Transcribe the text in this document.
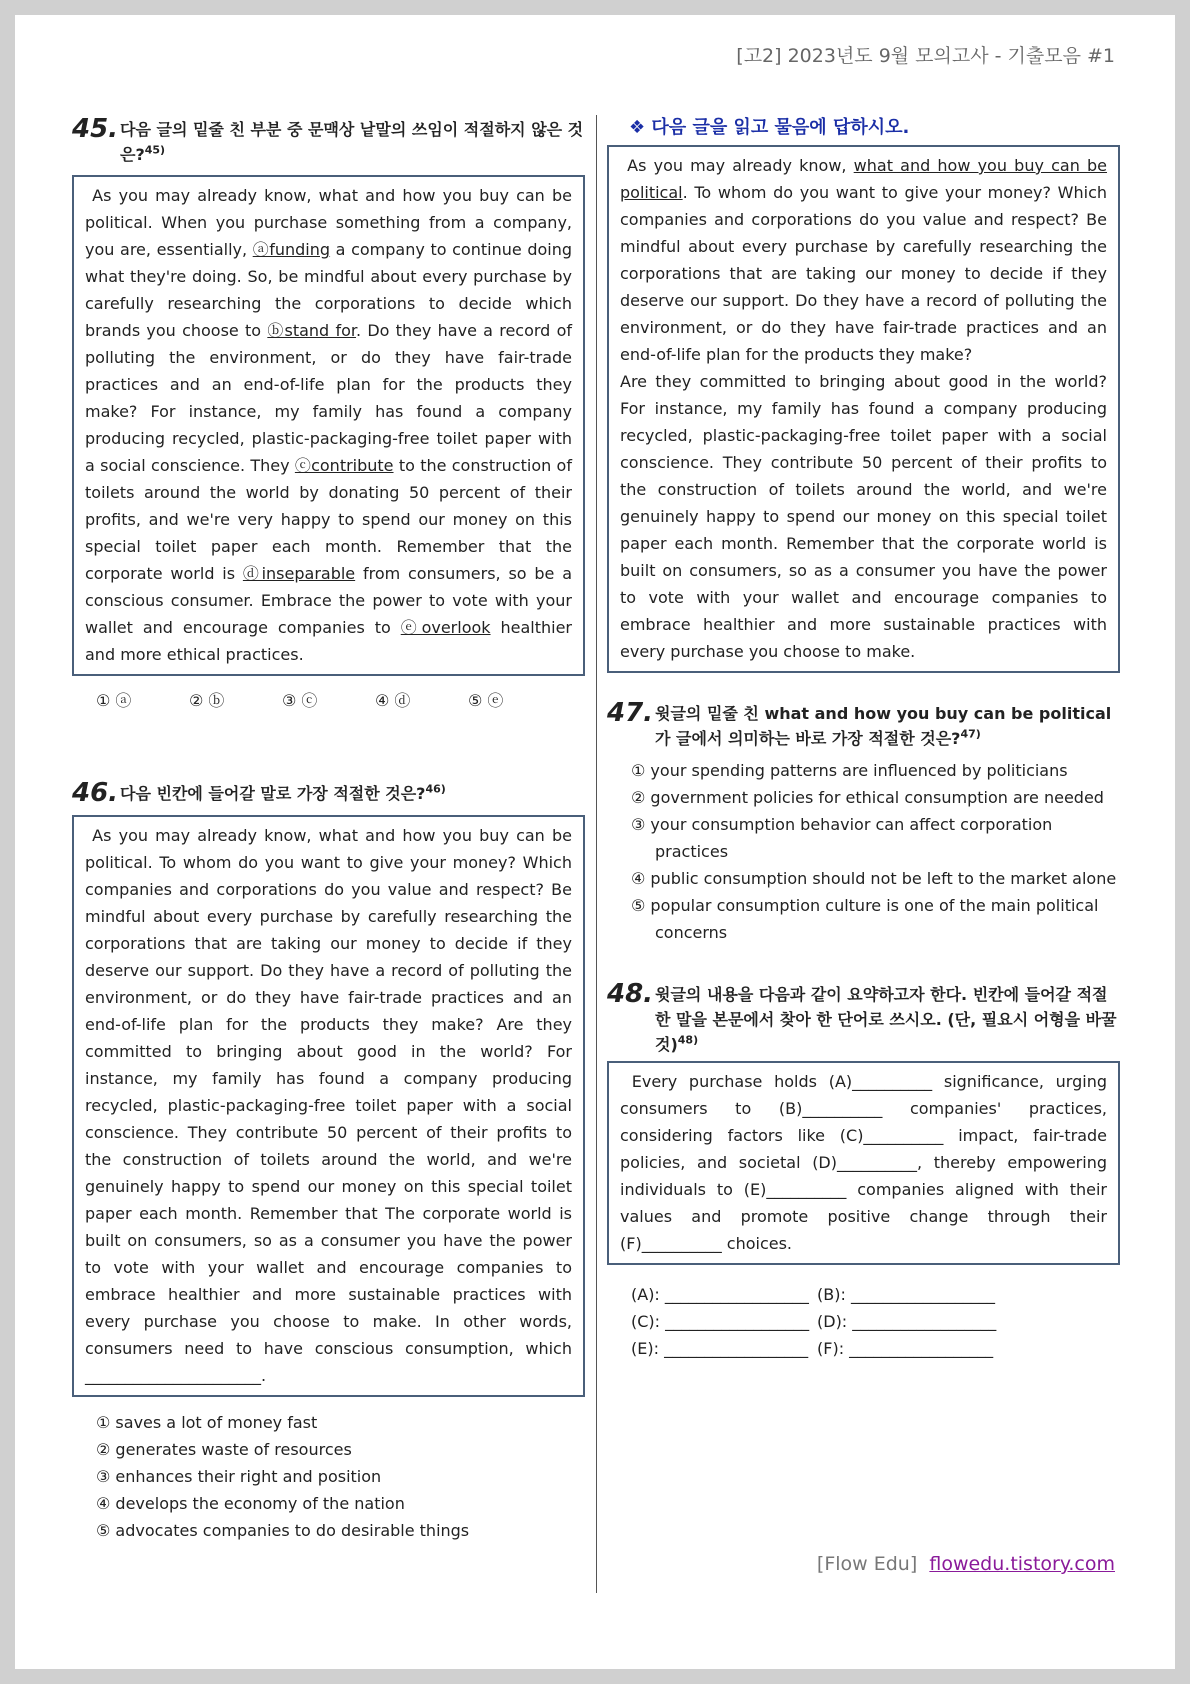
[고2] 2023년도 9월 모의고사 - 기출모음 #1
45. 다음 글의 밑줄 친 부분 중 문맥상 낱말의 쓰임이 적절하지 않은 것은?$^{45)}$

As you may already know, what and how you buy can be political. When you purchase something from a company, you are, essentially, ⓐfunding a company to continue doing what they're doing. So, be mindful about every purchase by carefully researching the corporations to decide which brands you choose to ⓑstand for. Do they have a record of polluting the environment, or do they have fair-trade practices and an end-of-life plan for the products they make? For instance, my family has found a company producing recycled, plastic-packaging-free toilet paper with a social conscience. They ⓒcontribute to the construction of toilets around the world by donating 50 percent of their profits, and we're very happy to spend our money on this special toilet paper each month. Remember that the corporate world is ⓓinseparable from consumers, so be a conscious consumer. Embrace the power to vote with your wallet and encourage companies to ⓔoverlook healthier and more ethical practices.

① ⓐ	② ⓑ	③ ⓒ	④ ⓓ	⑤ ⓔ
46. 다음 빈칸에 들어갈 말로 가장 적절한 것은?$^{46)}$

As you may already know, what and how you buy can be political. To whom do you want to give your money? Which companies and corporations do you value and respect? Be mindful about every purchase by carefully researching the corporations that are taking our money to decide if they deserve our support. Do they have a record of polluting the environment, or do they have fair-trade practices and an end-of-life plan for the products they make? Are they committed to bringing about good in the world? For instance, my family has found a company producing recycled, plastic-packaging-free toilet paper with a social conscience. They contribute 50 percent of their profits to the construction of toilets around the world, and we're genuinely happy to spend our money on this special toilet paper each month. Remember that The corporate world is built on consumers, so as a consumer you have the power to vote with your wallet and encourage companies to embrace healthier and more sustainable practices with every purchase you choose to make. In other words, consumers need to have conscious consumption, which ______________________.

① saves a lot of money fast
② generates waste of resources
③ enhances their right and position
④ develops the economy of the nation
⑤ advocates companies to do desirable things
❖ 다음 글을 읽고 물음에 답하시오.

As you may already know, what and how you buy can be political. To whom do you want to give your money? Which companies and corporations do you value and respect? Be mindful about every purchase by carefully researching the corporations that are taking our money to decide if they deserve our support. Do they have a record of polluting the environment, or do they have fair-trade practices and an end-of-life plan for the products they make?

Are they committed to bringing about good in the world? For instance, my family has found a company producing recycled, plastic-packaging-free toilet paper with a social conscience. They contribute 50 percent of their profits to the construction of toilets around the world, and we're genuinely happy to spend our money on this special toilet paper each month. Remember that the corporate world is built on consumers, so as a consumer you have the power to vote with your wallet and encourage companies to embrace healthier and more sustainable practices with every purchase you choose to make.

47. 윗글의 밑줄 친 what and how you buy can be political 가 글에서 의미하는 바로 가장 적절한 것은?$^{47)}$
① your spending patterns are influenced by politicians
② government policies for ethical consumption are needed
③ your consumption behavior can affect corporation practices
④ public consumption should not be left to the market alone
⑤ popular consumption culture is one of the main political concerns
48. 윗글의 내용을 다음과 같이 요약하고자 한다. 빈칸에 들어갈 적절한 말을 본문에서 찾아 한 단어로 쓰시오. (단, 필요시 어형을 바꿀 것)$^{48)}$

Every purchase holds (A)__________ significance, urging consumers to (B)__________ companies' practices, considering factors like (C)__________ impact, fair-trade policies, and societal (D)__________, thereby empowering individuals to (E)__________ companies aligned with their values and promote positive change through their (F)__________ choices.

(A): __________________ (B): __________________
(C): __________________ (D): __________________
(E): __________________ (F): __________________
[Flow Edu] flowedu.tistory.com
